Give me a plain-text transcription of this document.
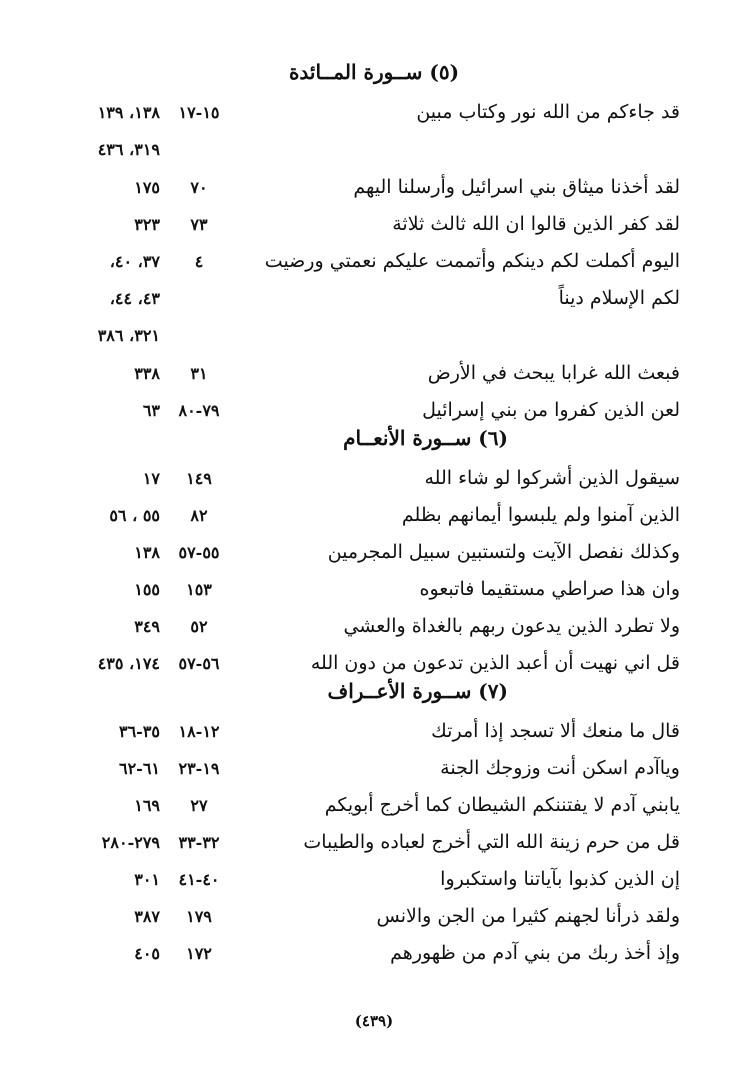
(٥) ســورة المــائدة
قد جاءكم من الله نور وكتاب مبين
١٥-١٧
١٣٨، ١٣٩
٣١٩، ٤٣٦
لقد أخذنا ميثاق بني اسرائيل وأرسلنا اليهم
٧٠
١٧٥
لقد كفر الذين قالوا ان الله ثالث ثلاثة
٧٣
٣٢٣
اليوم أكملت لكم دينكم وأتممت عليكم نعمتي ورضيت
٤
٣٧، ٤٠،
لكم الإسلام ديناً
٤٣، ٤٤،
٣٢١، ٣٨٦
فبعث الله غرابا يبحث في الأرض
٣١
٣٣٨
لعن الذين كفروا من بني إسرائيل
٧٩-٨٠
٦٣
(٦) ســورة الأنعــام
سيقول الذين أشركوا لو شاء الله
١٤٩
١٧
الذين آمنوا ولم يلبسوا أيمانهم بظلم
٨٢
٥٥ ، ٥٦
وكذلك نفصل الآيت ولتستبين سبيل المجرمين
٥٥-٥٧
١٣٨
وان هذا صراطي مستقيما فاتبعوه
١٥٣
١٥٥
ولا تطرد الذين يدعون ربهم بالغداة والعشي
٥٢
٣٤٩
قل اني نهيت أن أعبد الذين تدعون من دون الله
٥٦-٥٧
١٧٤، ٤٣٥
(٧) ســورة الأعــراف
قال ما منعك ألا تسجد إذا أمرتك
١٢-١٨
٣٥-٣٦
وياآدم اسكن أنت وزوجك الجنة
١٩-٢٣
٦١-٦٢
يابني آدم لا يفتننكم الشيطان كما أخرج أبويكم
٢٧
١٦٩
قل من حرم زينة الله التي أخرج لعباده والطيبات
٣٢-٣٣
٢٧٩-٢٨٠
إن الذين كذبوا بآياتنا واستكبروا
٤٠-٤١
٣٠١
ولقد ذرأنا لجهنم كثيرا من الجن والانس
١٧٩
٣٨٧
وإذ أخذ ربك من بني آدم من ظهورهم
١٧٢
٤٠٥
(٤٣٩)
